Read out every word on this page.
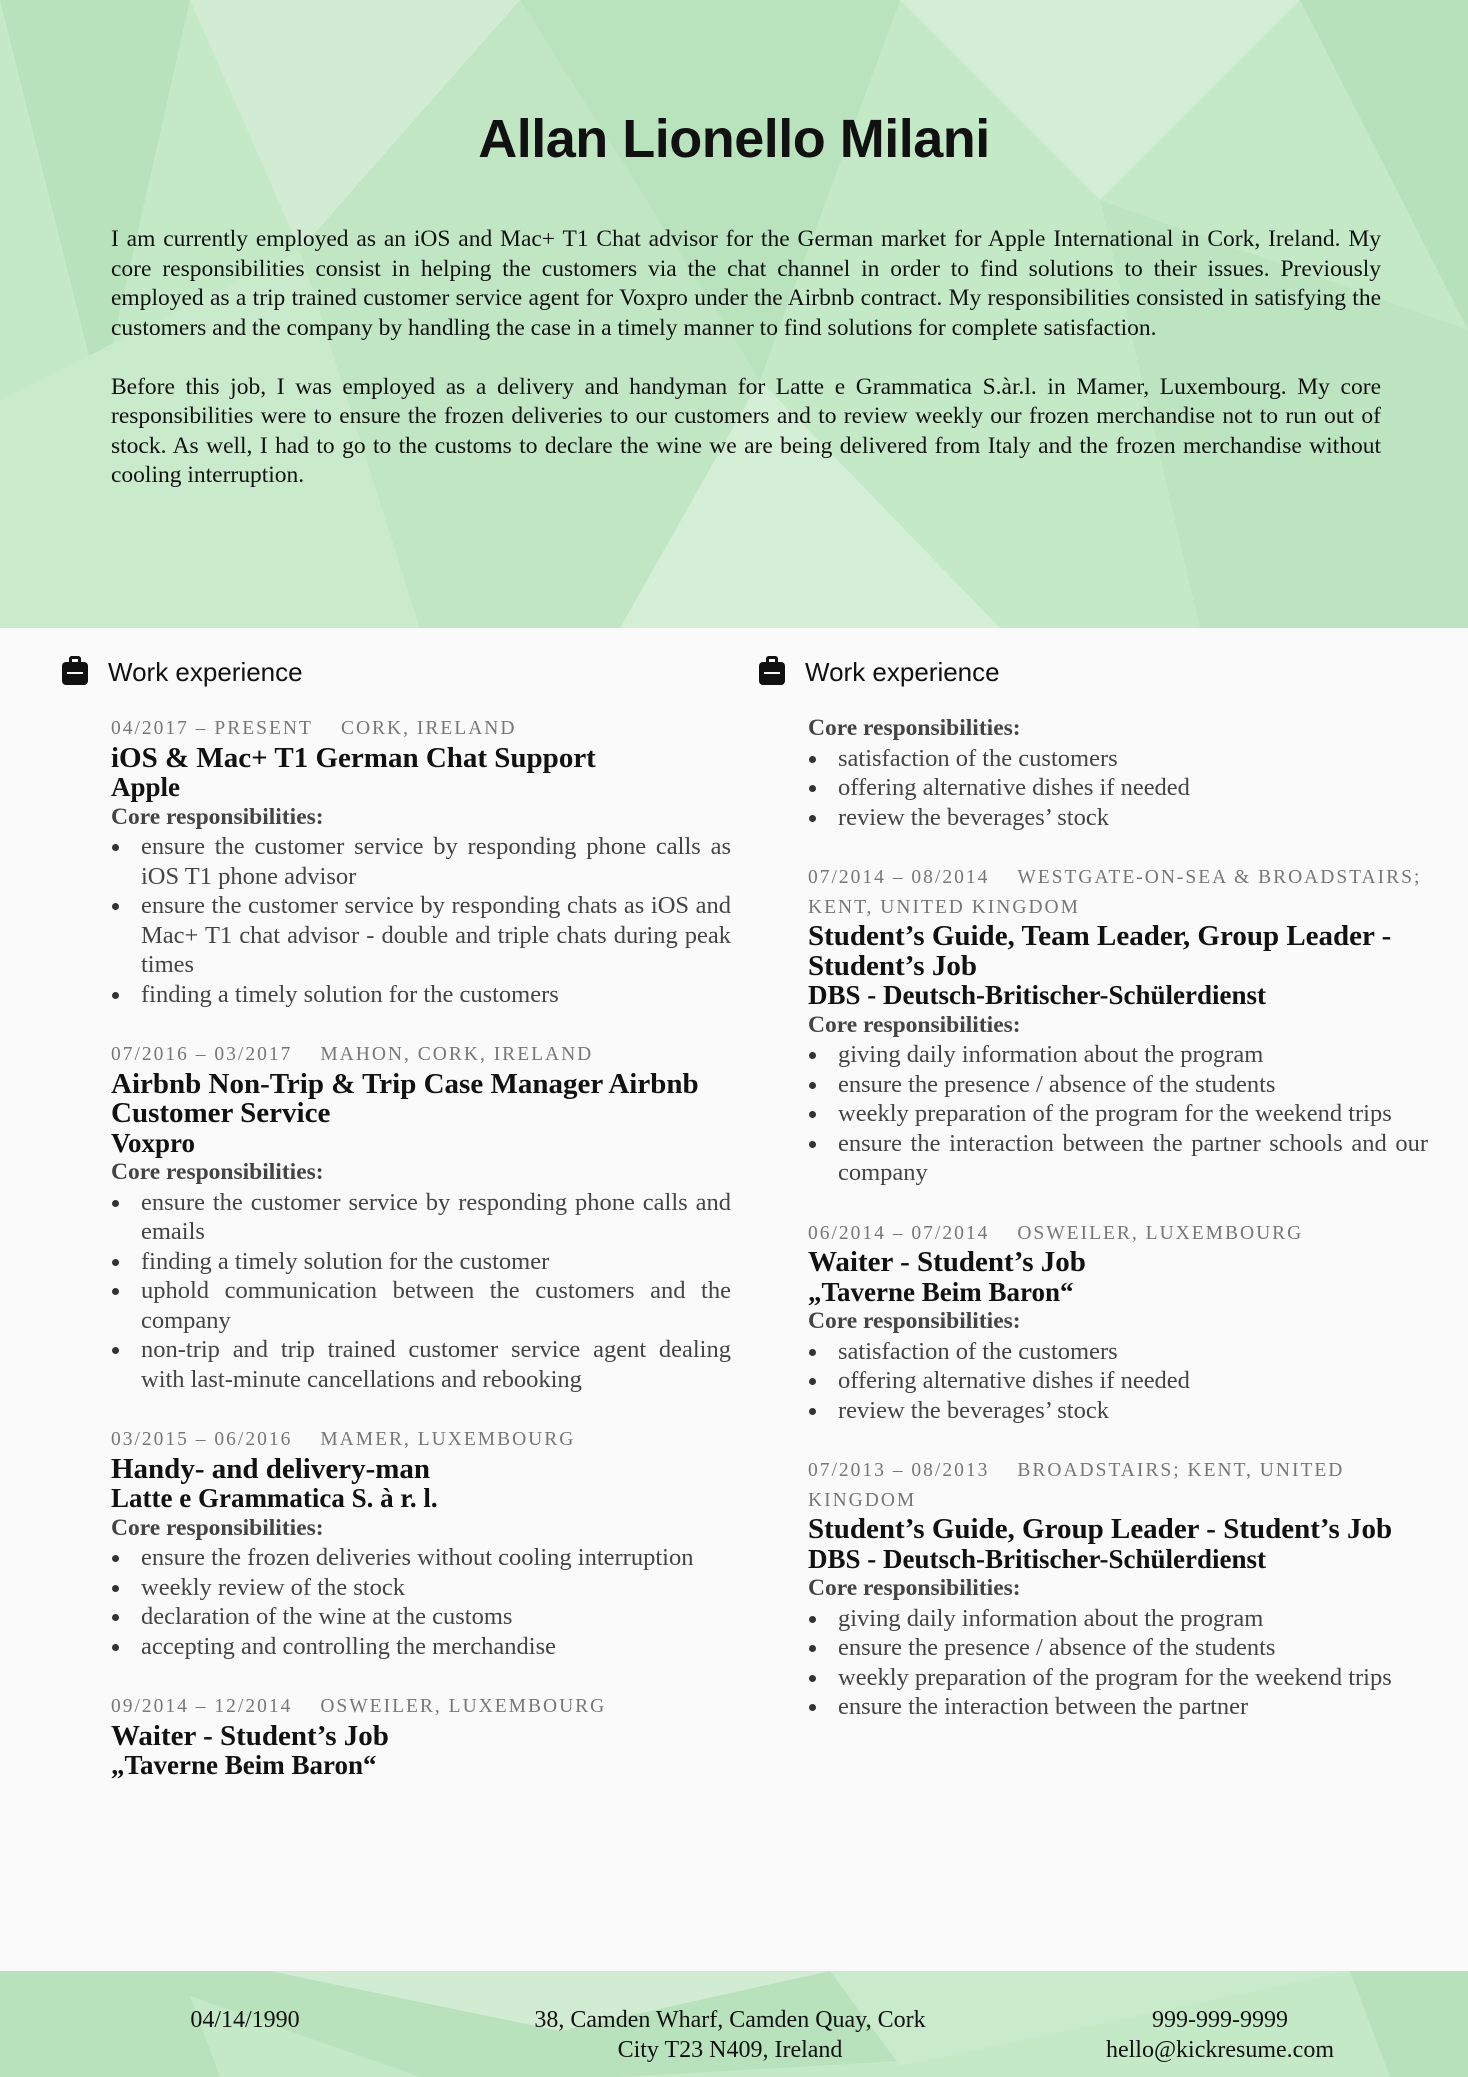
Allan Lionello Milani

I am currently employed as an iOS and Mac+ T1 Chat advisor for the German market for Apple International in Cork, Ireland. My core responsibilities consist in helping the customers via the chat channel in order to find solutions to their issues. Previously employed as a trip trained customer service agent for Voxpro under the Airbnb contract. My responsibilities consisted in satisfying the customers and the company by handling the case in a timely manner to find solutions for complete satisfaction.

Before this job, I was employed as a delivery and handyman for Latte e Grammatica S.àr.l. in Mamer, Luxembourg. My core responsibilities were to ensure the frozen deliveries to our customers and to review weekly our frozen merchandise not to run out of stock. As well, I had to go to the customs to declare the wine we are being delivered from Italy and the frozen merchandise without cooling interruption.

Work experience
04/2017 – PRESENT CORK, IRELAND
iOS & Mac+ T1 German Chat Support
Apple
Core responsibilities:
ensure the customer service by responding phone calls as iOS T1 phone advisor
ensure the customer service by responding chats as iOS and Mac+ T1 chat advisor - double and triple chats during peak times
finding a timely solution for the customers
07/2016 – 03/2017 MAHON, CORK, IRELAND
Airbnb Non-Trip & Trip Case Manager Airbnb Customer Service
Voxpro
Core responsibilities:
ensure the customer service by responding phone calls and emails
finding a timely solution for the customer
uphold communication between the customers and the company
non-trip and trip trained customer service agent dealing with last-minute cancellations and rebooking
03/2015 – 06/2016 MAMER, LUXEMBOURG
Handy- and delivery-man
Latte e Grammatica S. à r. l.
Core responsibilities:
ensure the frozen deliveries without cooling interruption
weekly review of the stock
declaration of the wine at the customs
accepting and controlling the merchandise
09/2014 – 12/2014 OSWEILER, LUXEMBOURG
Waiter - Student’s Job
„Taverne Beim Baron“
Work experience
Core responsibilities:
satisfaction of the customers
offering alternative dishes if needed
review the beverages’ stock
07/2014 – 08/2014 WESTGATE-ON-SEA & BROADSTAIRS; KENT, UNITED KINGDOM
Student’s Guide, Team Leader, Group Leader - Student’s Job
DBS - Deutsch-Britischer-Schülerdienst
Core responsibilities:
giving daily information about the program
ensure the presence / absence of the students
weekly preparation of the program for the weekend trips
ensure the interaction between the partner schools and our company
06/2014 – 07/2014 OSWEILER, LUXEMBOURG
Waiter - Student’s Job
„Taverne Beim Baron“
Core responsibilities:
satisfaction of the customers
offering alternative dishes if needed
review the beverages’ stock
07/2013 – 08/2013 BROADSTAIRS; KENT, UNITED KINGDOM
Student’s Guide, Group Leader - Student’s Job
DBS - Deutsch-Britischer-Schülerdienst
Core responsibilities:
giving daily information about the program
ensure the presence / absence of the students
weekly preparation of the program for the weekend trips
ensure the interaction between the partner
04/14/1990	38, Camden Wharf, Camden Quay, Cork
City T23 N409, Ireland
999-999-9999
hello@kickresume.com
